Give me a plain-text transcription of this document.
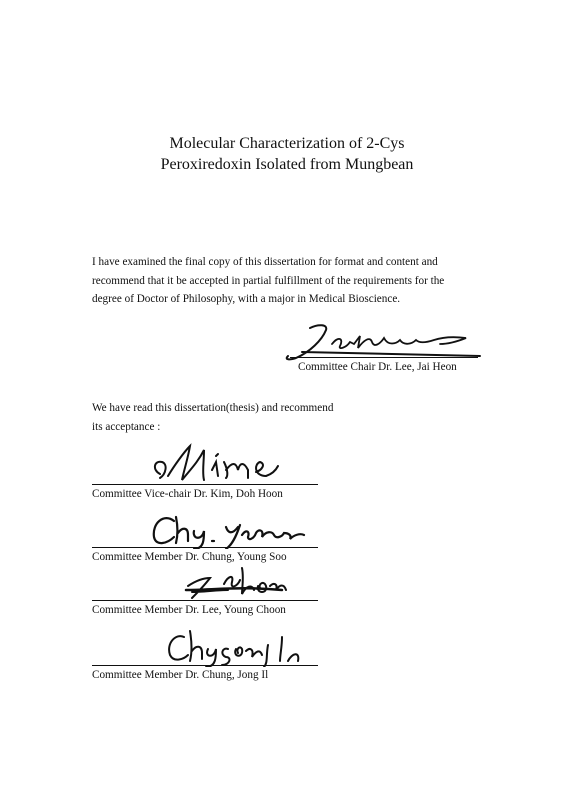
Molecular Characterization of 2-Cys
Peroxiredoxin Isolated from Mungbean
I have examined the final copy of this dissertation for format and content and
recommend that it be accepted in partial fulfillment of the requirements for the
degree of Doctor of Philosophy, with a major in Medical Bioscience.
Committee Chair Dr. Lee, Jai Heon
We have read this dissertation(thesis) and recommend
its acceptance :
Committee Vice-chair Dr. Kim, Doh Hoon
Committee Member Dr. Chung, Young Soo
Committee Member Dr. Lee, Young Choon
Committee Member Dr. Chung, Jong Il
